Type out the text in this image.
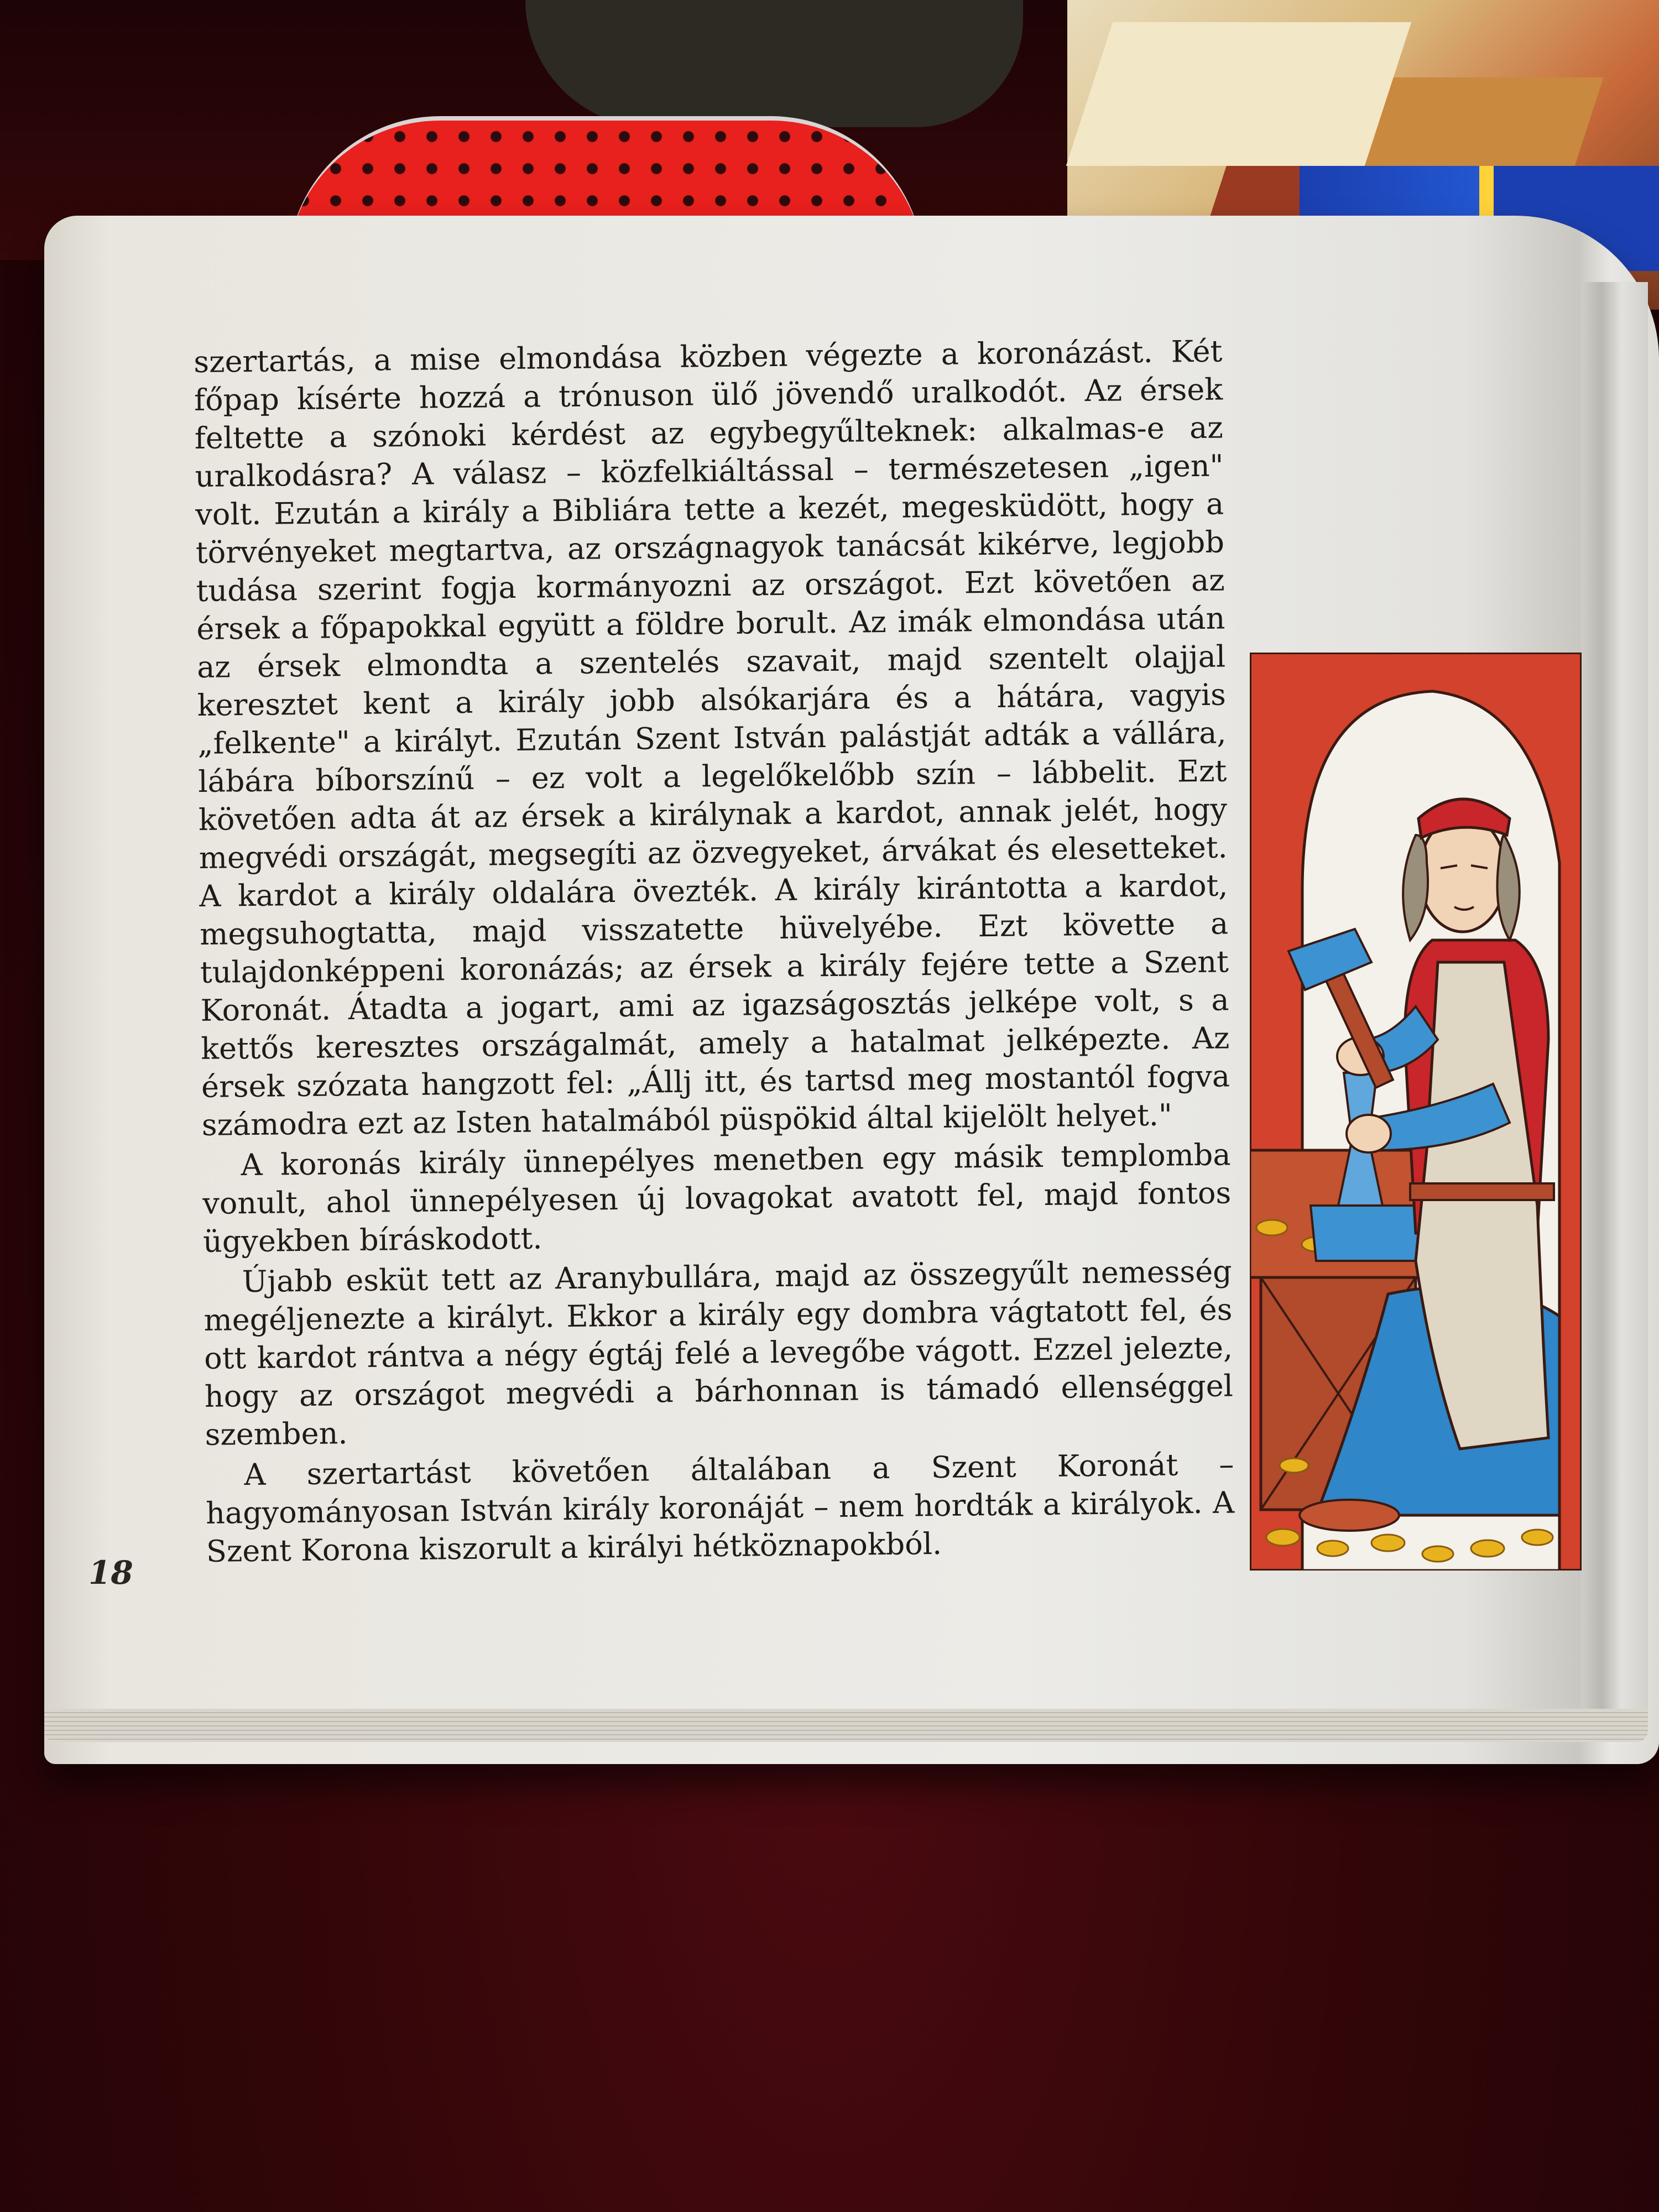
szertartás, a mise elmondása közben végezte a koronázást. Két főpap kísérte hozzá a trónuson ülő jövendő uralkodót. Az érsek feltette a szónoki kérdést az egybegyűlteknek: alkalmas-e az uralkodásra? A válasz – közfelkiáltással – természetesen „igen" volt. Ezután a király a Bibliára tette a kezét, megesküdött, hogy a törvényeket megtartva, az országnagyok tanácsát kikérve, legjobb tudása szerint fogja kormányozni az országot. Ezt követően az érsek a főpapokkal együtt a földre borult. Az imák elmondása után az érsek elmondta a szentelés szavait, majd szentelt olajjal keresztet kent a király jobb alsókarjára és a hátára, vagyis „felkente" a királyt. Ezután Szent István palástját adták a vállára, lábára bíborszínű – ez volt a legelőkelőbb szín – lábbelit. Ezt követően adta át az érsek a királynak a kardot, annak jelét, hogy megvédi országát, megsegíti az özvegyeket, árvákat és elesetteket. A kardot a király oldalára övezték. A király kirántotta a kardot, megsuhogtatta, majd visszatette hüvelyébe. Ezt követte a tulajdonképpeni koronázás; az érsek a király fejére tette a Szent Koronát. Átadta a jogart, ami az igazságosztás jelképe volt, s a kettős keresztes országalmát, amely a hatalmat jelképezte. Az érsek szózata hangzott fel: „Állj itt, és tartsd meg mostantól fogva számodra ezt az Isten hatalmából püspökid által kijelölt helyet."

A koronás király ünnepélyes menetben egy másik templomba vonult, ahol ünnepélyesen új lovagokat avatott fel, majd fontos ügyekben bíráskodott.

Újabb esküt tett az Aranybullára, majd az összegyűlt nemesség megéljenezte a királyt. Ekkor a király egy dombra vágtatott fel, és ott kardot rántva a négy égtáj felé a levegőbe vágott. Ezzel jelezte, hogy az országot megvédi a bárhonnan is támadó ellenséggel szemben.

A szertartást követően általában a Szent Koronát – hagyományosan István király koronáját – nem hordták a királyok. A Szent Korona kiszorult a királyi hétköznapokból.

18
